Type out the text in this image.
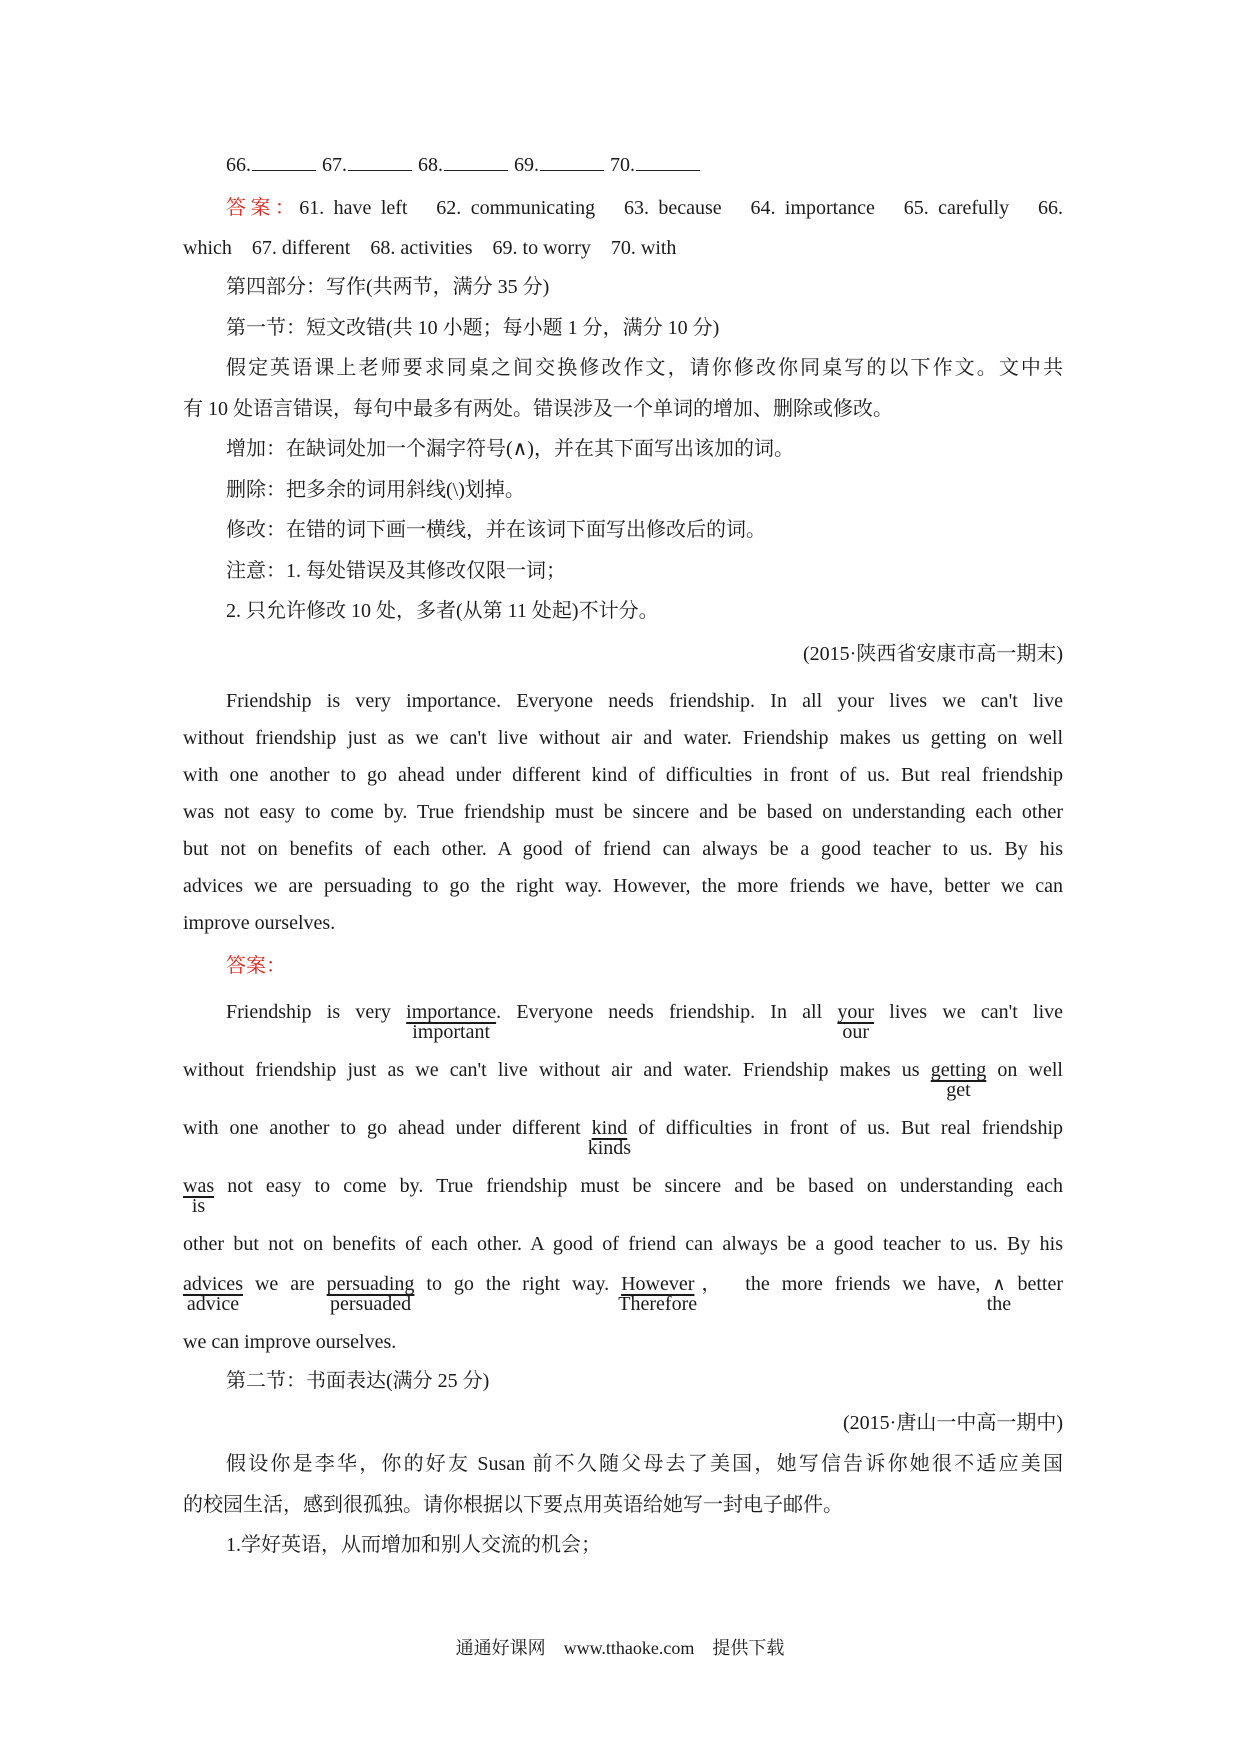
66.	67.	68.	69.	70.
答案：61. have left　62. communicating　63. because　64. importance　65. carefully　66.
which　67. different　68. activities　69. to worry　70. with
第四部分：写作(共两节，满分 35 分)
第一节：短文改错(共 10 小题；每小题 1 分，满分 10 分)
假定英语课上老师要求同桌之间交换修改作文，请你修改你同桌写的以下作文。文中共
有 10 处语言错误，每句中最多有两处。错误涉及一个单词的增加、删除或修改。
增加：在缺词处加一个漏字符号(∧)，并在其下面写出该加的词。
删除：把多余的词用斜线(\)划掉。
修改：在错的词下画一横线，并在该词下面写出修改后的词。
注意：1. 每处错误及其修改仅限一词；
2. 只允许修改 10 处，多者(从第 11 处起)不计分。
(2015·陕西省安康市高一期末)
Friendship is very importance. Everyone needs friendship. In all your lives we can't live
without friendship just as we can't live without air and water. Friendship makes us getting on well
with one another to go ahead under different kind of difficulties in front of us. But real friendship
was not easy to come by. True friendship must be sincere and be based on understanding each other
but not on benefits of each other. A good of friend can always be a good teacher to us. By his
advices we are persuading to go the right way. However, the more friends we have, better we can
improve ourselves.
答案：
Friendship is very importance
important
. Everyone needs friendship. In all your
our
lives we can't live
without friendship just as we can't live without air and water. Friendship makes us getting
get
on well
with one another to go ahead under different kind
kinds
of difficulties in front of us. But real friendship
was
is
not easy to come by. True friendship must be sincere and be based on understanding each
other but not on benefits of each other. A good of friend can always be a good teacher to us. By his
advices
advice
we are persuading
persuaded
to go the right way. However
Therefore
，　the more friends we have, ∧
the
better
we can improve ourselves.
第二节：书面表达(满分 25 分)
(2015·唐山一中高一期中)
假设你是李华，你的好友 Susan 前不久随父母去了美国，她写信告诉你她很不适应美国
的校园生活，感到很孤独。请你根据以下要点用英语给她写一封电子邮件。
1.学好英语，从而增加和别人交流的机会；
通通好课网　www.tthaoke.com　提供下载
